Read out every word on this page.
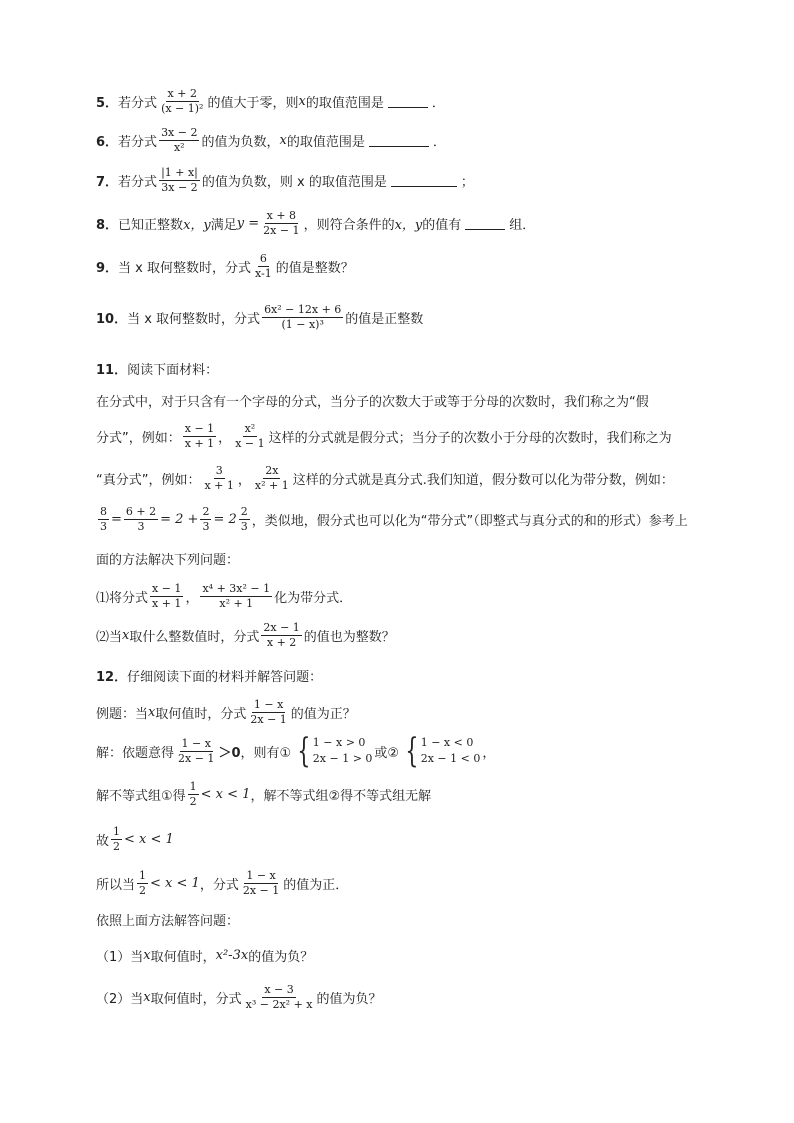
5． 若分式 $\frac{x + 2}{\text{(x − 1)²}}$ 的值大于零，则 x 的取值范围是	．
6． 若分式 $\frac{3x - 2}{\text{x²}}$ 的值为负数， x 的取值范围是	．
7． 若分式 $\frac{|1 + x|}{3x - 2}$ 的值为负数，则 x 的取值范围是	；
8． 已知正整数 x，y 满足 $y = \frac{x + 8}{2x - 1}$ ，则符合条件的 x，y 的值有	组．
9． 当 x 取何整数时，分式 $\frac{6}{x-1}$ 的值是整数？
10． 当 x 取何整数时，分式 $\frac{\text{6x² − 12x + 6}}{\text{(1 − x)³}}$ 的值是正整数
11． 阅读下面材料：
在分式中，对于只含有一个字母的分式，当分子的次数大于或等于分母的次数时，我们称之为“假
分式”，例如： $\frac{x - 1}{x + 1}$ ， $\frac{\text{x²}}{x - 1}$ 这样的分式就是假分式；当分子的次数小于分母的次数时，我们称之为
“真分式”，例如： $\frac{3}{x + 1}$ ， $\frac{2x}{\text{x² + 1}}$ 这样的分式就是真分式.我们知道，假分数可以化为带分数，例如：
$\frac{8}{3} = \frac{6 + 2}{3} = 2 + \frac{2}{3} = 2 \frac{2}{3}$ ，类似地，假分式也可以化为“带分式”（即整式与真分式的和的形式）参考上
面的方法解决下列问题：
⑴将分式 $\frac{x - 1}{x + 1}$ ， $\frac{\text{x⁴ + 3x² − 1}}{\text{x² + 1}}$ 化为带分式．
⑵当 x 取什么整数值时，分式 $\frac{2x - 1}{x + 2}$ 的值也为整数？
12． 仔细阅读下面的材料并解答问题：
例题：当 x 取何值时，分式 $\frac{1 - x}{2x - 1}$ 的值为正？
解：依题意得 $\frac{1 - x}{2x - 1} >0$ ，则有① { 1 − x > 0
2x − 1 > 0 或② { 1 − x < 0
2x − 1 < 0 ，
解不等式组①得 $\frac{1}{2} < x < 1$ ，解不等式组②得不等式组无解
故 $\frac{1}{2} < x < 1$
所以当 $\frac{1}{2} < x < 1$ ，分式 $\frac{1 - x}{2x - 1}$ 的值为正．
依照上面方法解答问题：
（1）当 x 取何值时， x²-3x 的值为负？
（2）当 x 取何值时，分式 $\frac{x - 3}{\text{x³ − 2x² + x}}$ 的值为负？
